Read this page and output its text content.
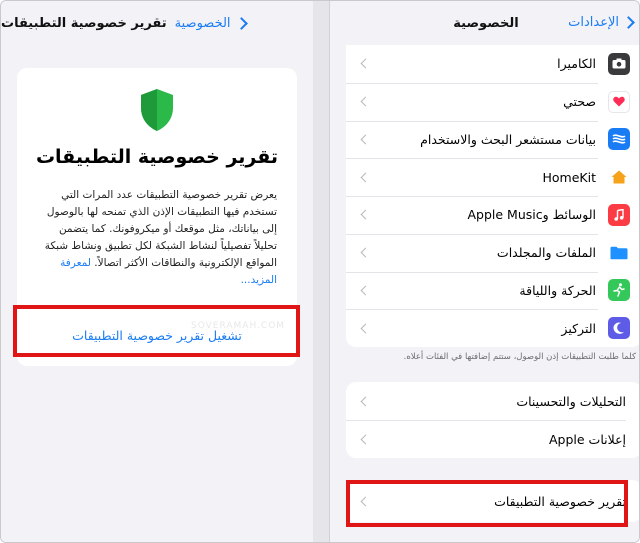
الخصوصية
تقرير خصوصية التطبيقات
تقرير خصوصية التطبيقات
يعرض تقرير خصوصية التطبيقات عدد المرات التي تستخدم فيها التطبيقات الإذن الذي تمنحه لها بالوصول إلى بياناتك، مثل موقعك أو ميكروفونك. كما يتضمن تحليلاً تفصيلياً لنشاط الشبكة لكل تطبيق ونشاط شبكة المواقع الإلكترونية والنطاقات الأكثر اتصالاً. لمعرفة المزيد...
تشغيل تقرير خصوصية التطبيقات
SOVERAMAH.COM
الخصوصية	الإعدادات
الكاميرا
صحتي
بيانات مستشعر البحث والاستخدام
HomeKit
الوسائط وApple Music
الملفات والمجلدات
الحركة واللياقة
التركيز
كلما طلبت التطبيقات إذن الوصول، ستتم إضافتها في الفئات أعلاه.
التحليلات والتحسينات
إعلانات Apple
تقرير خصوصية التطبيقات
